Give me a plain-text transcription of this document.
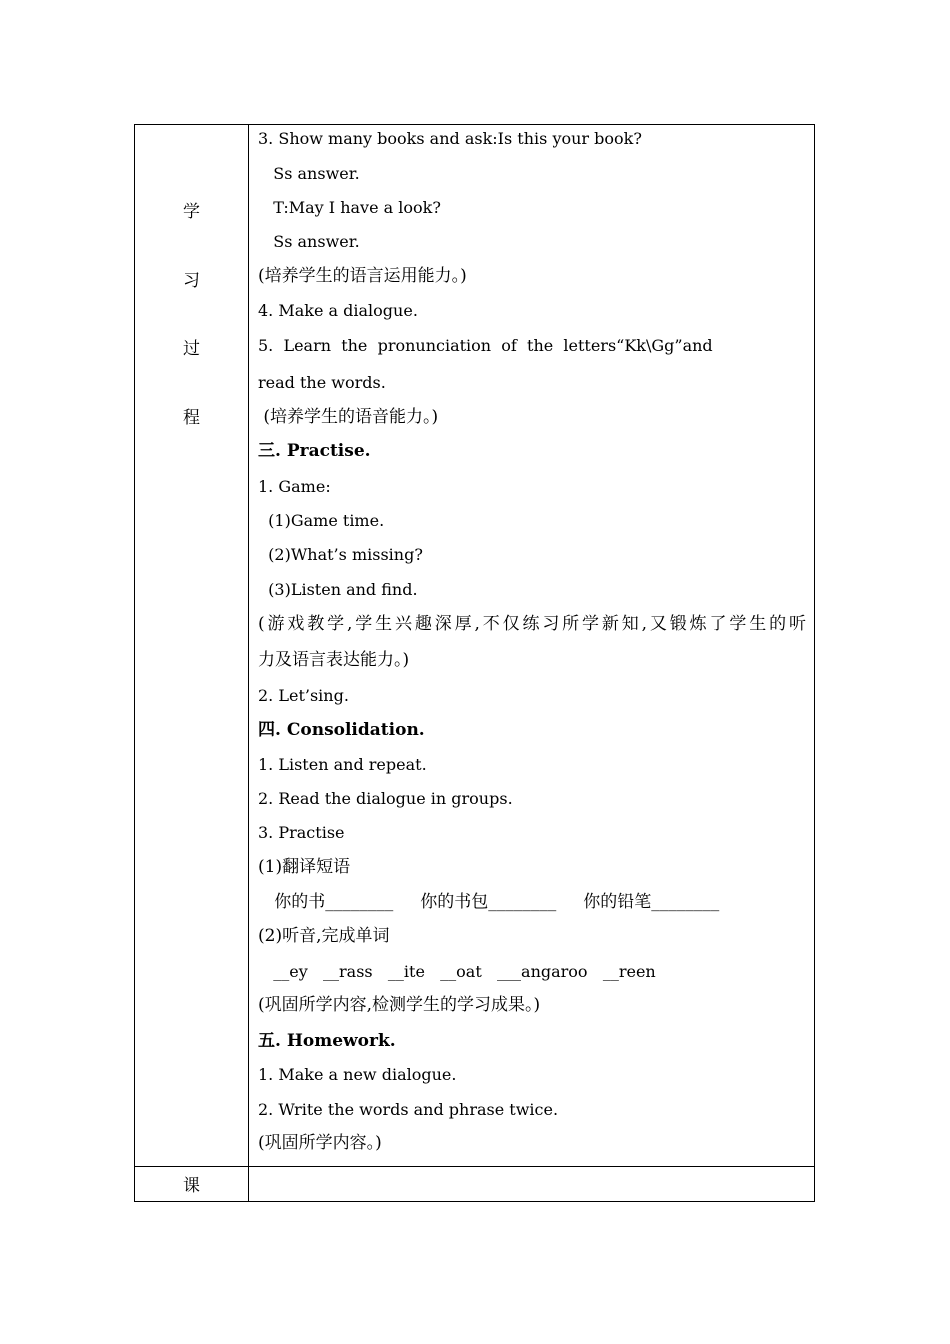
学
习
过
程
课
3. Show many books and ask:Is this your book?
Ss answer.
T:May I have a look?
Ss answer.
(培养学生的语言运用能力。)
4. Make a dialogue.
5.  Learn  the  pronunciation  of  the  letters“Kk\Gg”and
read the words.
(培养学生的语音能力。)
三. Practise.
1. Game:
(1)Game time.
(2)What’s missing?
(3)Listen and find.
(游戏教学,学生兴趣深厚,不仅练习所学新知,又锻炼了学生的听
力及语言表达能力。)
2. Let’sing.
四. Consolidation.
1. Listen and repeat.
2. Read the dialogue in groups.
3. Practise
(1)翻译短语
你的书________     你的书包________     你的铅笔________
(2)听音,完成单词
__ey   __rass   __ite   __oat   ___angaroo   __reen
(巩固所学内容,检测学生的学习成果。)
五. Homework.
1. Make a new dialogue.
2. Write the words and phrase twice.
(巩固所学内容。)
